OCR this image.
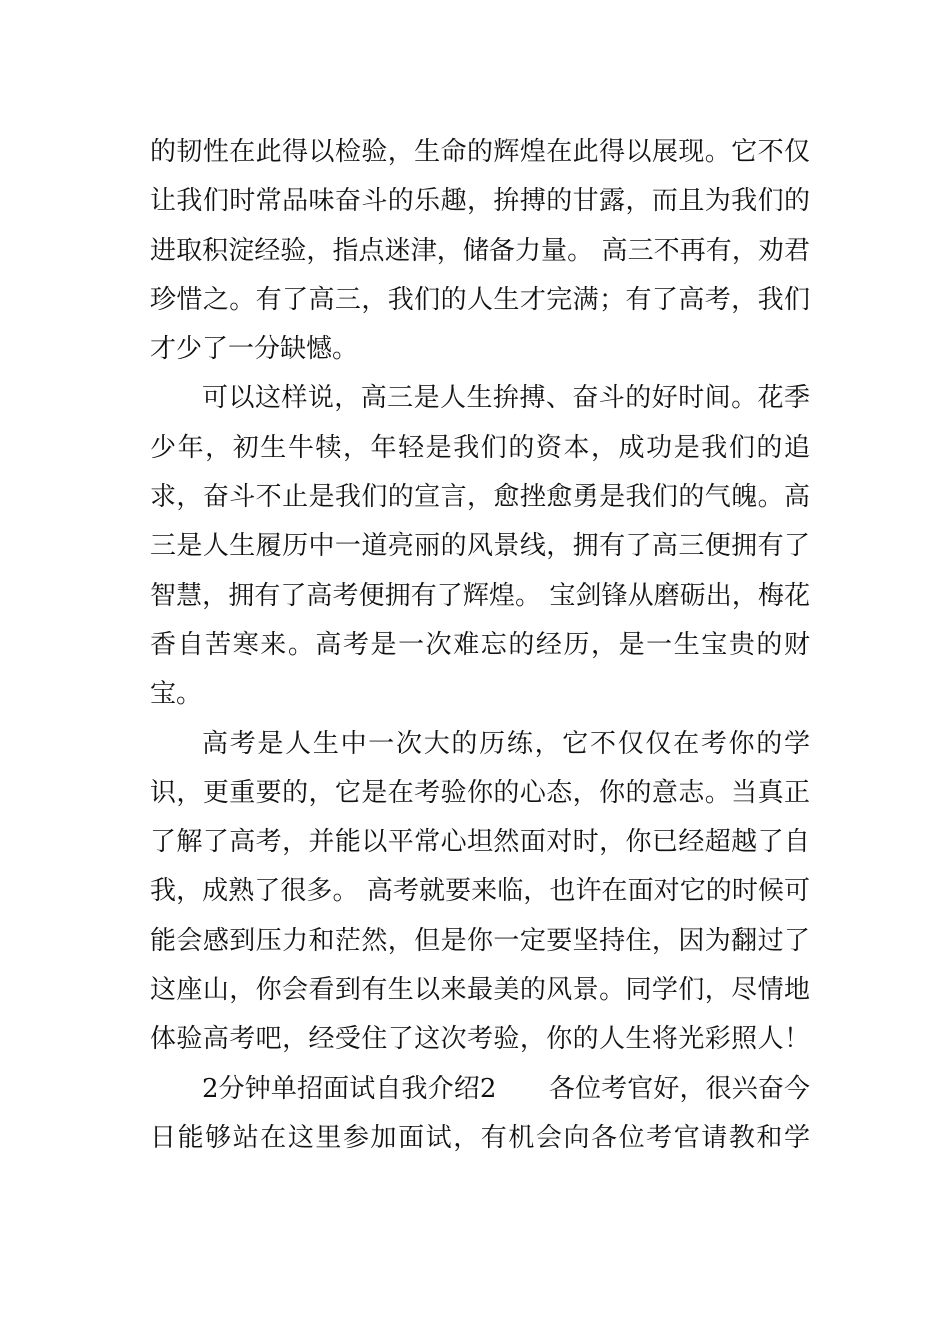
的韧性在此得以检验，生命的辉煌在此得以展现。它不仅
让我们时常品味奋斗的乐趣，拚搏的甘露，而且为我们的
进取积淀经验，指点迷津，储备力量。 高三不再有，劝君
珍惜之。有了高三，我们的人生才完满；有了高考，我们
才少了一分缺憾。
可以这样说，高三是人生拚搏、奋斗的好时间。花季
少年，初生牛犊，年轻是我们的资本，成功是我们的追
求，奋斗不止是我们的宣言，愈挫愈勇是我们的气魄。高
三是人生履历中一道亮丽的风景线，拥有了高三便拥有了
智慧，拥有了高考便拥有了辉煌。 宝剑锋从磨砺出，梅花
香自苦寒来。高考是一次难忘的经历，是一生宝贵的财
宝。
高考是人生中一次大的历练，它不仅仅在考你的学
识，更重要的，它是在考验你的心态，你的意志。当真正
了解了高考，并能以平常心坦然面对时，你已经超越了自
我，成熟了很多。 高考就要来临，也许在面对它的时候可
能会感到压力和茫然，但是你一定要坚持住，因为翻过了
这座山，你会看到有生以来最美的风景。同学们，尽情地
体验高考吧，经受住了这次考验，你的人生将光彩照人！
2分钟单招面试自我介绍2　　各位考官好，很兴奋今
日能够站在这里参加面试，有机会向各位考官请教和学
